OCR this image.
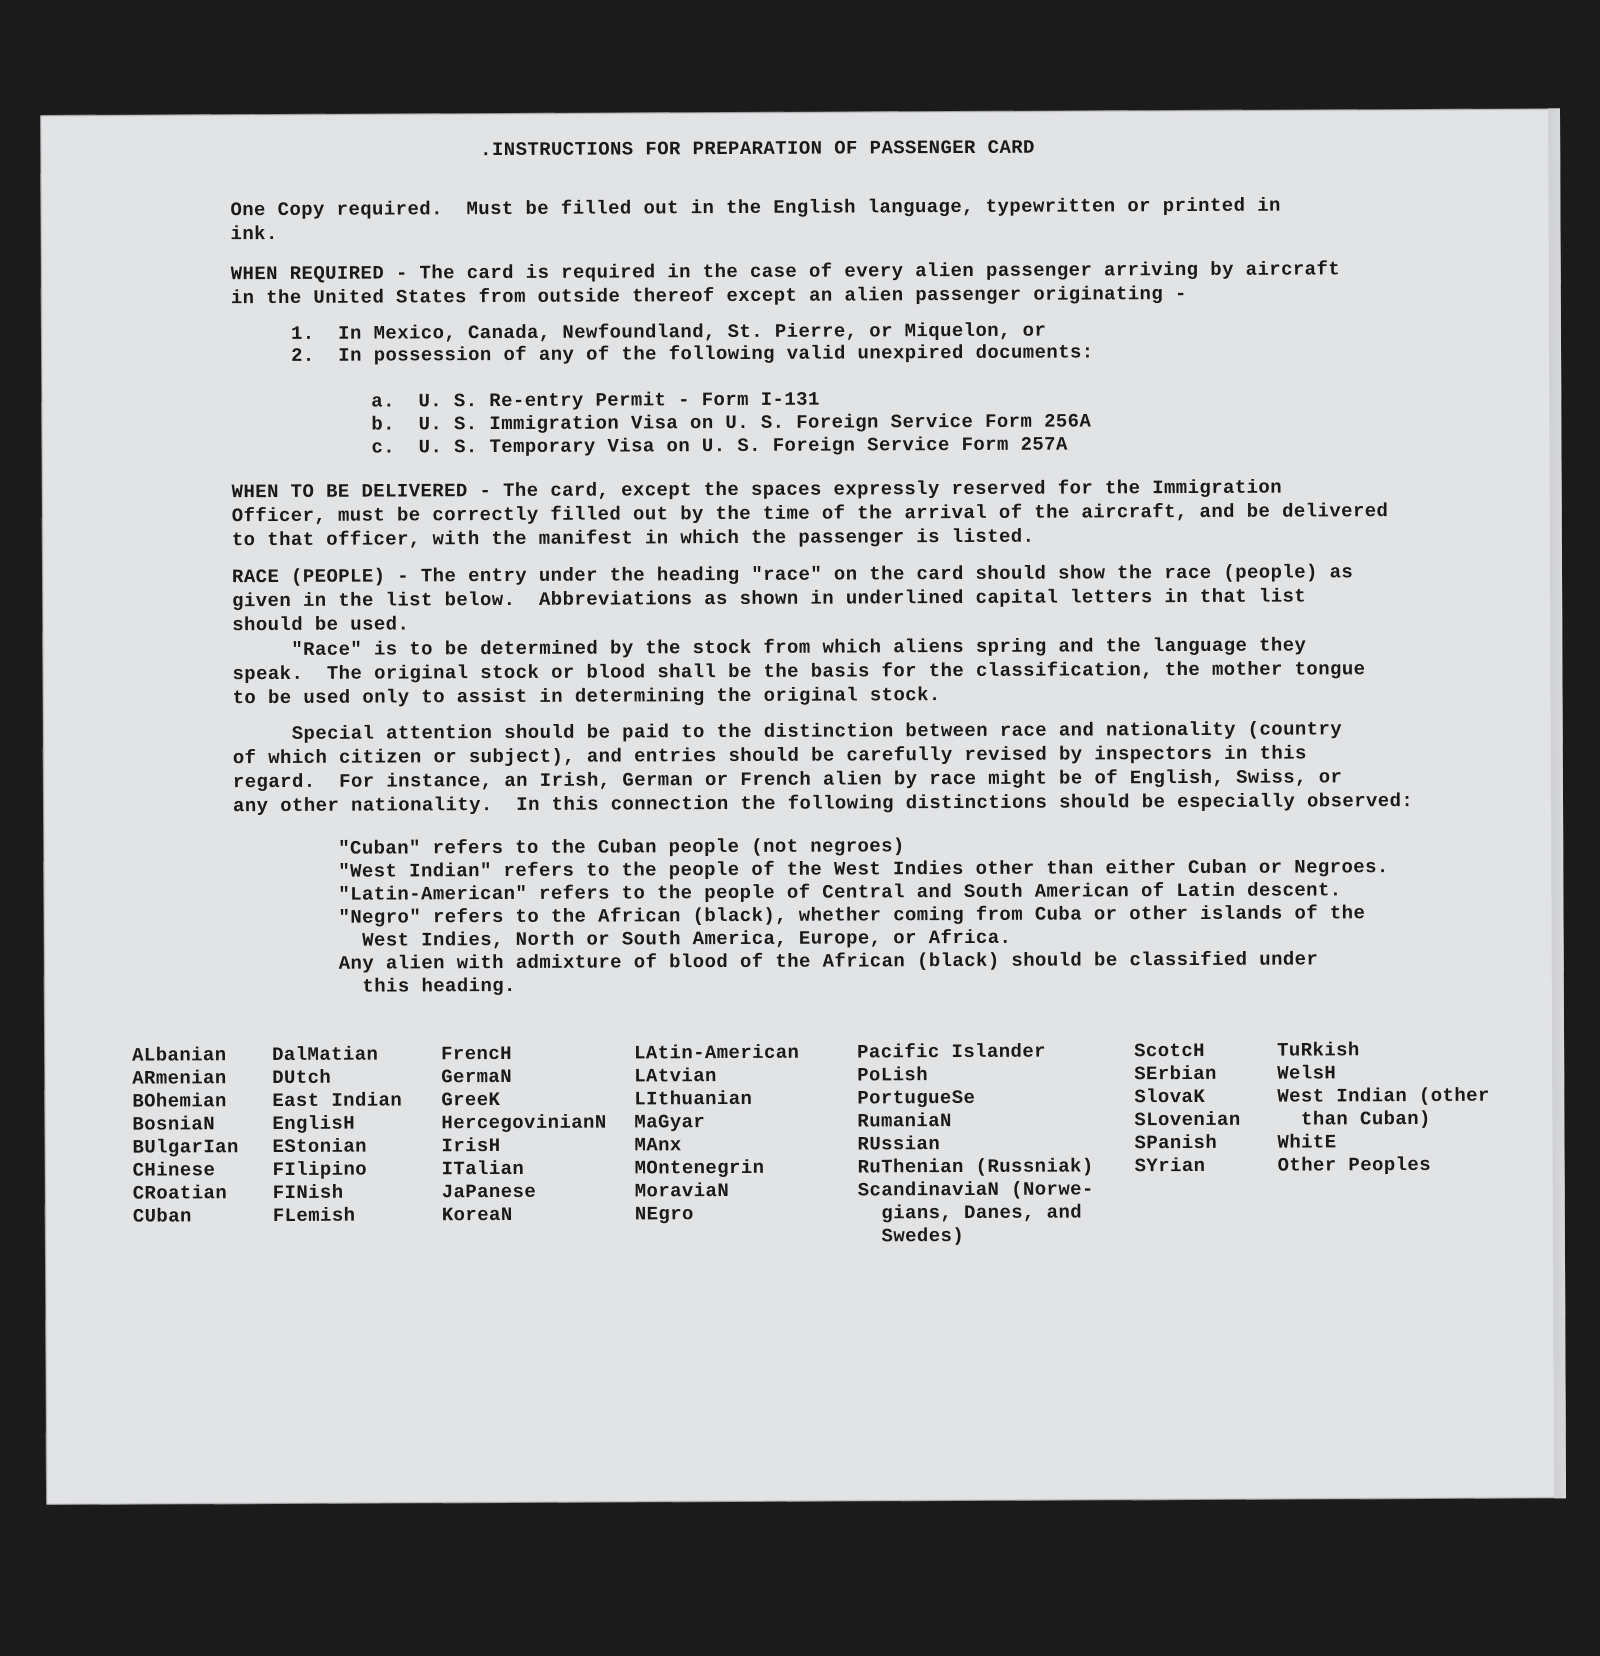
.INSTRUCTIONS FOR PREPARATION OF PASSENGER CARD

One Copy required.  Must be filled out in the English language, typewritten or printed in
ink.

WHEN REQUIRED - The card is required in the case of every alien passenger arriving by aircraft
in the United States from outside thereof except an alien passenger originating -

1.  In Mexico, Canada, Newfoundland, St. Pierre, or Miquelon, or

2.  In possession of any of the following valid unexpired documents:

a.  U. S. Re-entry Permit - Form I-131

b.  U. S. Immigration Visa on U. S. Foreign Service Form 256A

c.  U. S. Temporary Visa on U. S. Foreign Service Form 257A

WHEN TO BE DELIVERED - The card, except the spaces expressly reserved for the Immigration
Officer, must be correctly filled out by the time of the arrival of the aircraft, and be delivered
to that officer, with the manifest in which the passenger is listed.

RACE (PEOPLE) - The entry under the heading "race" on the card should show the race (people) as
given in the list below.  Abbreviations as shown in underlined capital letters in that list
should be used.

"Race" is to be determined by the stock from which aliens spring and the language they
speak.  The original stock or blood shall be the basis for the classification, the mother tongue
to be used only to assist in determining the original stock.

Special attention should be paid to the distinction between race and nationality (country
of which citizen or subject), and entries should be carefully revised by inspectors in this
regard.  For instance, an Irish, German or French alien by race might be of English, Swiss, or
any other nationality.  In this connection the following distinctions should be especially observed:

"Cuban" refers to the Cuban people (not negroes)
"West Indian" refers to the people of the West Indies other than either Cuban or Negroes.
"Latin-American" refers to the people of Central and South American of Latin descent.
"Negro" refers to the African (black), whether coming from Cuba or other islands of the
West Indies, North or South America, Europe, or Africa.
Any alien with admixture of blood of the African (black) should be classified under
this heading.

ALbanian
ARmenian
BOhemian
BosniaN
BUlgarIan
CHinese
CRoatian
CUban
DalMatian
DUtch
East Indian
EnglisH
EStonian
FIlipino
FINish
FLemish
FrencH
GermaN
GreeK
HercegovinianN
IrisH
ITalian
JaPanese
KoreaN
LAtin-American
LAtvian
LIthuanian
MaGyar
MAnx
MOntenegrin
MoraviaN
NEgro
Pacific Islander
PoLish
PortugueSe
RumaniaN
RUssian
RuThenian (Russniak)
ScandinaviaN (Norwe-
gians, Danes, and
Swedes)
ScotcH
SErbian
SlovaK
SLovenian
SPanish
SYrian
TuRkish
WelsH
West Indian (other
than Cuban)
WhitE
Other Peoples
